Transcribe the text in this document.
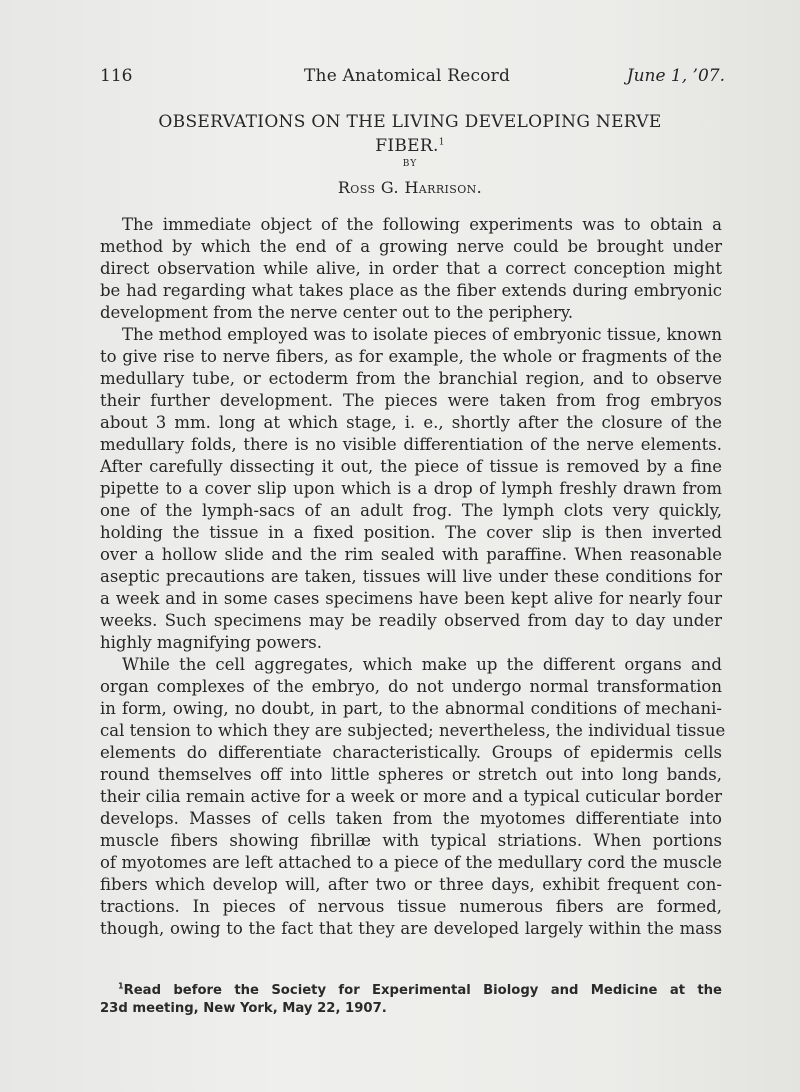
116	The Anatomical Record	June 1, ’07.
OBSERVATIONS ON THE LIVING DEVELOPING NERVE
FIBER.$^1$
BY
Ross G. Harrison.

The immediate object of the following experiments was to obtain a
method by which the end of a growing nerve could be brought under
direct observation while alive, in order that a correct conception might
be had regarding what takes place as the fiber extends during embryonic
development from the nerve center out to the periphery.

The method employed was to isolate pieces of embryonic tissue, known
to give rise to nerve fibers, as for example, the whole or fragments of the
medullary tube, or ectoderm from the branchial region, and to observe
their further development. The pieces were taken from frog embryos
about 3 mm. long at which stage, i. e., shortly after the closure of the
medullary folds, there is no visible differentiation of the nerve elements.
After carefully dissecting it out, the piece of tissue is removed by a fine
pipette to a cover slip upon which is a drop of lymph freshly drawn from
one of the lymph-sacs of an adult frog. The lymph clots very quickly,
holding the tissue in a fixed position. The cover slip is then inverted
over a hollow slide and the rim sealed with paraffine. When reasonable
aseptic precautions are taken, tissues will live under these conditions for
a week and in some cases specimens have been kept alive for nearly four
weeks. Such specimens may be readily observed from day to day under
highly magnifying powers.

While the cell aggregates, which make up the different organs and
organ complexes of the embryo, do not undergo normal transformation
in form, owing, no doubt, in part, to the abnormal conditions of mechani-
cal tension to which they are subjected; nevertheless, the individual tissue
elements do differentiate characteristically. Groups of epidermis cells
round themselves off into little spheres or stretch out into long bands,
their cilia remain active for a week or more and a typical cuticular border
develops. Masses of cells taken from the myotomes differentiate into
muscle fibers showing fibrillæ with typical striations. When portions
of myotomes are left attached to a piece of the medullary cord the muscle
fibers which develop will, after two or three days, exhibit frequent con-
tractions. In pieces of nervous tissue numerous fibers are formed,
though, owing to the fact that they are developed largely within the mass

$^1$Read before the Society for Experimental Biology and Medicine at the
23d meeting, New York, May 22, 1907.
